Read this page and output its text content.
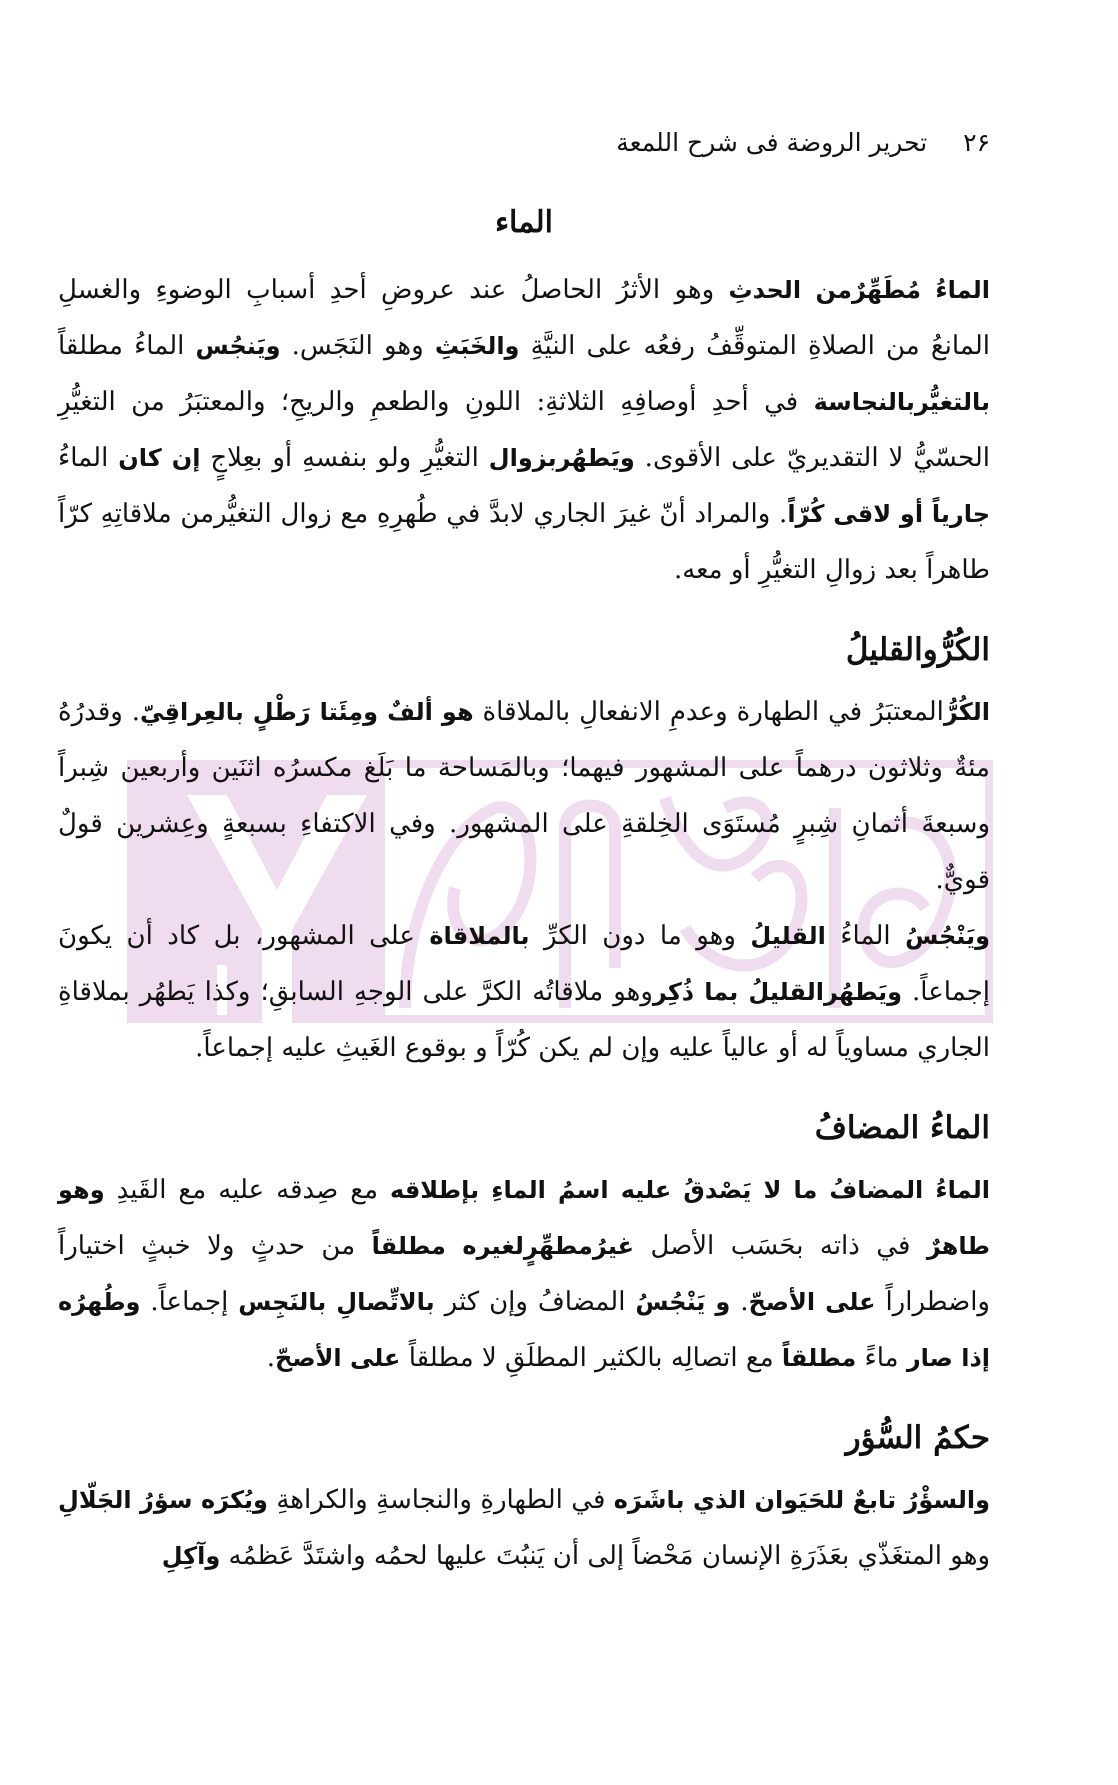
۲۶ تحرير الروضة فى شرح اللمعة
الماء

الماءُ مُطَهِّرٌمن الحدثِ وهو الأثرُ الحاصلُ عند عروضِ أحدِ أسبابِ الوضوءِ والغسلِ المانعُ من الصلاةِ المتوقِّفُ رفعُه على النيَّةِ والخَبَثِ وهو النَجَس. ويَنجُس الماءُ مطلقاً بالتغيُّربالنجاسة في أحدِ أوصافِهِ الثلاثةِ: اللونِ والطعمِ والريحِ؛ والمعتبَرُ من التغيُّرِ الحسّيُّ لا التقديريّ على الأقوى. ويَطهُربزوال التغيُّرِ ولو بنفسهِ أو بعِلاجٍ إن كان الماءُ جارياً أو لاقى كُرّاً. والمراد أنّ غيرَ الجاري لابدَّ في طُهرِهِ مع زوال التغيُّرمن ملاقاتِهِ كرّاً طاهراً بعد زوالِ التغيُّرِ أو معه.

الكُرُّوالقليلُ

الكُرُّالمعتبَرُ في الطهارة وعدمِ الانفعالِ بالملاقاة هو ألفٌ ومِئَتا رَطْلٍ بالعِراقِيّ. وقدرُهُ مئةٌ وثلاثون درهماً على المشهور فيهما؛ وبالمَساحة ما بَلَغ مكسرُه اثنَين وأربعين شِبراً وسبعةَ أثمانِ شِبرٍ مُستَوَى الخِلقةِ على المشهور. وفي الاكتفاءِ بسبعةٍ وعِشرين قولٌ قويٌّ.

ويَنْجُسُ الماءُ القليلُ وهو ما دون الكرِّ بالملاقاة على المشهور، بل كاد أن يكونَ إجماعاً. ويَطهُرالقليلُ بما ذُكِروهو ملاقاتُه الكرَّ على الوجهِ السابقِ؛ وكذا يَطهُر بملاقاةِ الجاري مساوياً له أو عالياً عليه وإن لم يكن كُرّاً و بوقوع الغَيثِ عليه إجماعاً.

الماءُ المضافُ

الماءُ المضافُ ما لا يَصْدقُ عليه اسمُ الماءِ بإطلاقه مع صِدقه عليه مع القَيدِ وهو طاهرٌ في ذاته بحَسَب الأصل غيرُمطهِّرٍلغيره مطلقاً من حدثٍ ولا خبثٍ اختياراً واضطراراً على الأصحّ. و يَنْجُسُ المضافُ وإن كثر بالاتِّصالِ بالنَجِس إجماعاً. وطُهرُه إذا صار ماءً مطلقاً مع اتصالِه بالكثير المطلَقِ لا مطلقاً على الأصحّ.

حكمُ السُّؤر

والسؤْرُ تابعٌ للحَيَوان الذي باشَرَه في الطهارةِ والنجاسةِ والكراهةِ ويُكرَه سؤرُ الجَلّالِ وهو المتغَذّي بعَذَرَةِ الإنسان مَحْضاً إلى أن يَنبُتَ عليها لحمُه واشتَدَّ عَظمُه وآكِلِ
